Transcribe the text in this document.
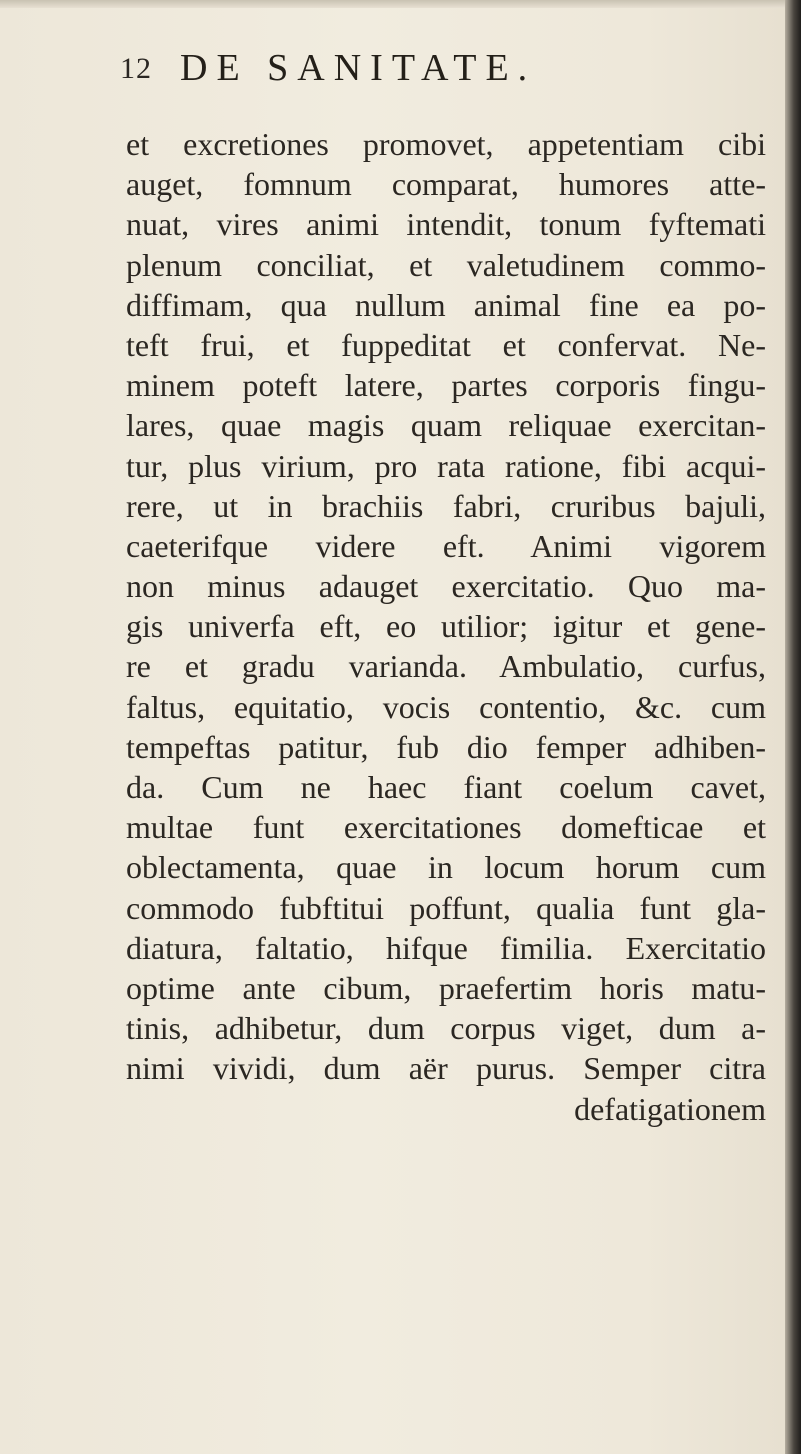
12 DE SANITATE.
et excretiones promovet, appetentiam cibi
auget, fomnum comparat, humores atte-
nuat, vires animi intendit, tonum fyftemati
plenum conciliat, et valetudinem commo-
diffimam, qua nullum animal fine ea po-
teft frui, et fuppeditat et confervat. Ne-
minem poteft latere, partes corporis fingu-
lares, quae magis quam reliquae exercitan-
tur, plus virium, pro rata ratione, fibi acqui-
rere, ut in brachiis fabri, cruribus bajuli,
caeterifque videre eft. Animi vigorem
non minus adauget exercitatio. Quo ma-
gis univerfa eft, eo utilior; igitur et gene-
re et gradu varianda. Ambulatio, curfus,
faltus, equitatio, vocis contentio, &c. cum
tempeftas patitur, fub dio femper adhiben-
da. Cum ne haec fiant coelum cavet,
multae funt exercitationes domefticae et
oblectamenta, quae in locum horum cum
commodo fubftitui poffunt, qualia funt gla-
diatura, faltatio, hifque fimilia. Exercitatio
optime ante cibum, praefertim horis matu-
tinis, adhibetur, dum corpus viget, dum a-
nimi vividi, dum aër purus. Semper citra
defatigationem
